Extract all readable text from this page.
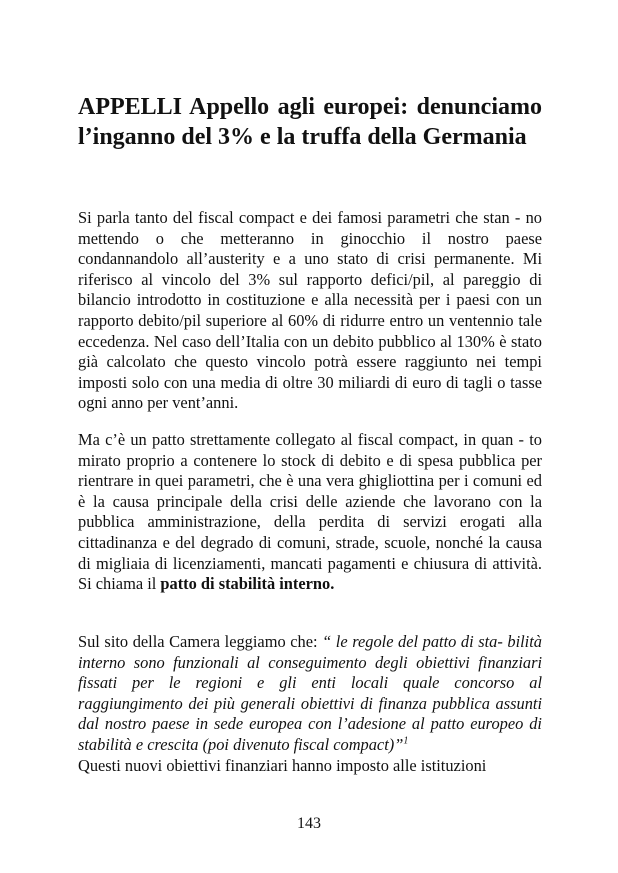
APPELLI Appello agli europei: denunciamo l’inganno del 3% e la truffa della Germania

Si parla tanto del fiscal compact e dei famosi parametri che stan - no mettendo o che metteranno in ginocchio il nostro paese condannandolo all’austerity e a uno stato di crisi permanente. Mi riferisco al vincolo del 3% sul rapporto defici/pil, al pareggio di bilancio introdotto in costituzione e alla necessità per i paesi con un rapporto debito/pil superiore al 60% di ridurre entro un ventennio tale eccedenza. Nel caso dell’Italia con un debito pubblico al 130% è stato già calcolato che questo vincolo potrà essere raggiunto nei tempi imposti solo con una media di oltre 30 miliardi di euro di tagli o tasse ogni anno per vent’anni.

Ma c’è un patto strettamente collegato al fiscal compact, in quan - to mirato proprio a contenere lo stock di debito e di spesa pubblica per rientrare in quei parametri, che è una vera ghigliottina per i comuni ed è la causa principale della crisi delle aziende che lavorano con la pubblica amministrazione, della perdita di servizi erogati alla cittadinanza e del degrado di comuni, strade, scuole, nonché la causa di migliaia di licenziamenti, mancati pagamenti e chiusura di attività. Si chiama il patto di stabilità interno.

Sul sito della Camera leggiamo che: “ le regole del patto di sta- bilità interno sono funzionali al conseguimento degli obiettivi finanziari fissati per le regioni e gli enti locali quale concorso al raggiungimento dei più generali obiettivi di finanza pubblica assunti dal nostro paese in sede europea con l’adesione al patto europeo di stabilità e crescita (poi divenuto fiscal compact)”$^1$
Questi nuovi obiettivi finanziari hanno imposto alle istituzioni

143
